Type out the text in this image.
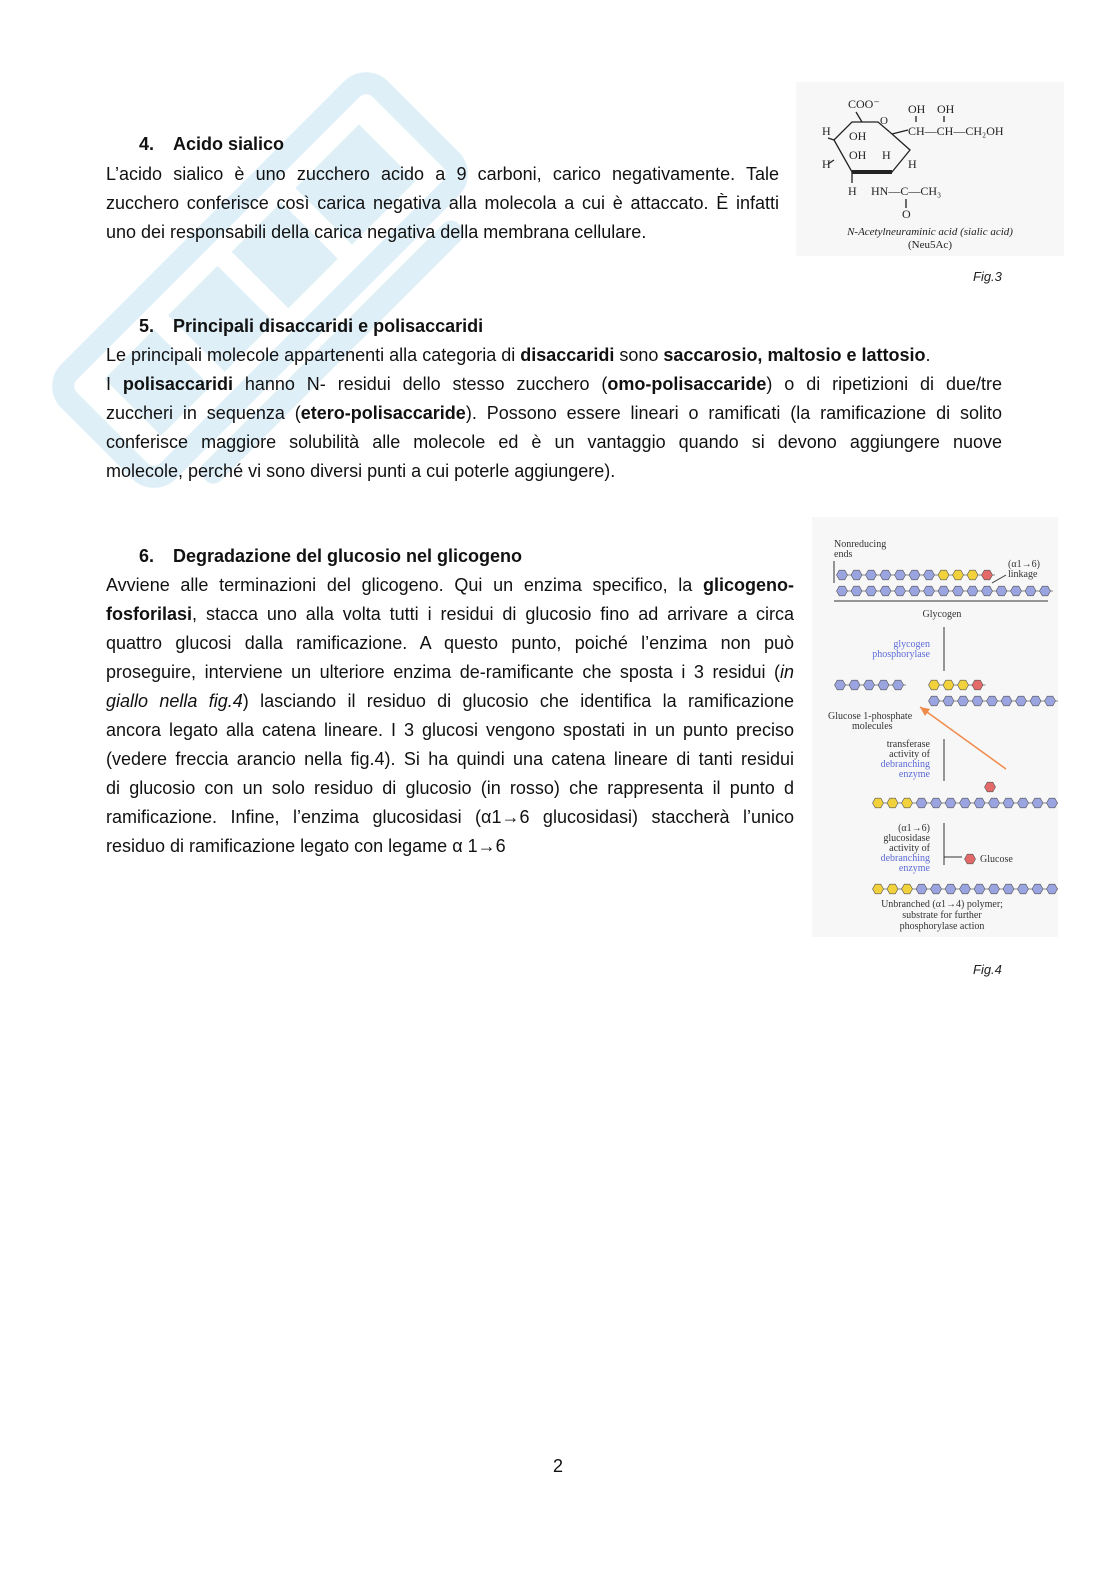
4. Acido sialico
L’acido sialico è uno zucchero acido a 9 carboni, carico negativamente. Tale
zucchero conferisce così carica negativa alla molecola a cui è attaccato. È infatti
uno dei responsabili della carica negativa della membrana cellulare.
COO⁻ OH OH
CH—CH—CH₂OH
O
H OH
OH
H
H
H
H HN—C—CH₃
O
N-Acetylneuraminic acid (sialic acid)
(Neu5Ac)
Fig.3
5. Principali disaccaridi e polisaccaridi
Le principali molecole appartenenti alla categoria di disaccaridi sono saccarosio, maltosio e lattosio.
I polisaccaridi hanno N- residui dello stesso zucchero (omo-polisaccaride) o di ripetizioni di due/tre
zuccheri in sequenza (etero-polisaccaride). Possono essere lineari o ramificati (la ramificazione di solito
conferisce maggiore solubilità alle molecole ed è un vantaggio quando si devono aggiungere nuove
molecole, perché vi sono diversi punti a cui poterle aggiungere).
6. Degradazione del glucosio nel glicogeno
Avviene alle terminazioni del glicogeno. Qui un enzima specifico, la glicogeno-
fosforilasi, stacca uno alla volta tutti i residui di glucosio fino ad arrivare a circa
quattro glucosi dalla ramificazione. A questo punto, poiché l’enzima non può
proseguire, interviene un ulteriore enzima de-ramificante che sposta i 3 residui (in
giallo nella fig.4) lasciando il residuo di glucosio che identifica la ramificazione
ancora legato alla catena lineare. I 3 glucosi vengono spostati in un punto preciso
(vedere freccia arancio nella fig.4). Si ha quindi una catena lineare di tanti residui
di glucosio con un solo residuo di glucosio (in rosso) che rappresenta il punto d
ramificazione. Infine, l’enzima glucosidasi (α1→6 glucosidasi) staccherà l’unico
residuo di ramificazione legato con legame α 1→6
Nonreducing
ends
(α1→6)
linkage
Glycogen
glycogen
phosphorylase
Glucose 1-phosphate
molecules
transferase
activity of
debranching
enzyme
(α1→6)
glucosidase
activity of
debranching
enzyme
Glucose
Unbranched (α1→4) polymer;
substrate for further
phosphorylase action
Fig.4
2
